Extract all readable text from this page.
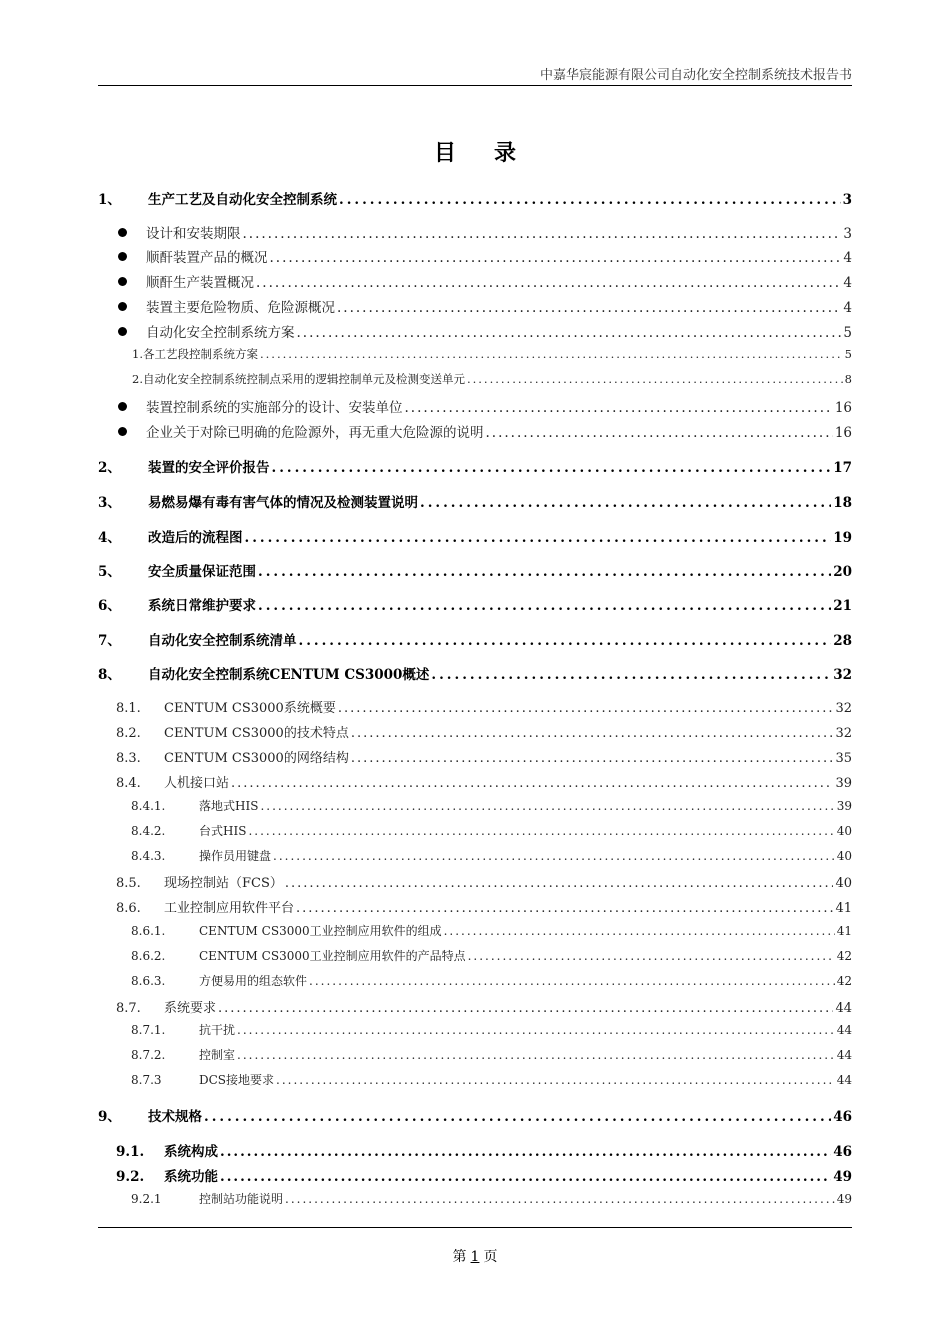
中嘉华宸能源有限公司自动化安全控制系统技术报告书
目录
1、	生产工艺及自动化安全控制系统 .....	3
设计和安装期限 .....	3
顺酐装置产品的概况 .....	4
顺酐生产装置概况 .....	4
装置主要危险物质、危险源概况 .....	4
自动化安全控制系统方案 .....	5
1.各工艺段控制系统方案 .....	5
2.自动化安全控制系统控制点采用的逻辑控制单元及检测变送单元 .....	8
装置控制系统的实施部分的设计、安装单位 .....	16
企业关于对除已明确的危险源外，再无重大危险源的说明 .....	16
2、	装置的安全评价报告 .....	17
3、	易燃易爆有毒有害气体的情况及检测装置说明 .....	18
4、	改造后的流程图 .....	19
5、	安全质量保证范围 .....	20
6、	系统日常维护要求 .....	21
7、	自动化安全控制系统清单 .....	28
8、	自动化安全控制系统CENTUM CS3000概述 .....	32
8.1.	CENTUM CS3000系统概要 .....	32
8.2.	CENTUM CS3000的技术特点 .....	32
8.3.	CENTUM CS3000的网络结构 .....	35
8.4.	人机接口站 .....	39
8.4.1.	落地式HIS .....	39
8.4.2.	台式HIS .....	40
8.4.3.	操作员用键盘 .....	40
8.5.	现场控制站（FCS） .....	40
8.6.	工业控制应用软件平台 .....	41
8.6.1.	CENTUM CS3000工业控制应用软件的组成 .....	41
8.6.2.	CENTUM CS3000工业控制应用软件的产品特点 .....	42
8.6.3.	方便易用的组态软件 .....	42
8.7.	系统要求 .....	44
8.7.1.	抗干扰 .....	44
8.7.2.	控制室 .....	44
8.7.3	DCS接地要求 .....	44
9、	技术规格 .....	46
9.1.	系统构成 .....	46
9.2.	系统功能 .....	49
9.2.1	控制站功能说明 .....	49
第 1 页
